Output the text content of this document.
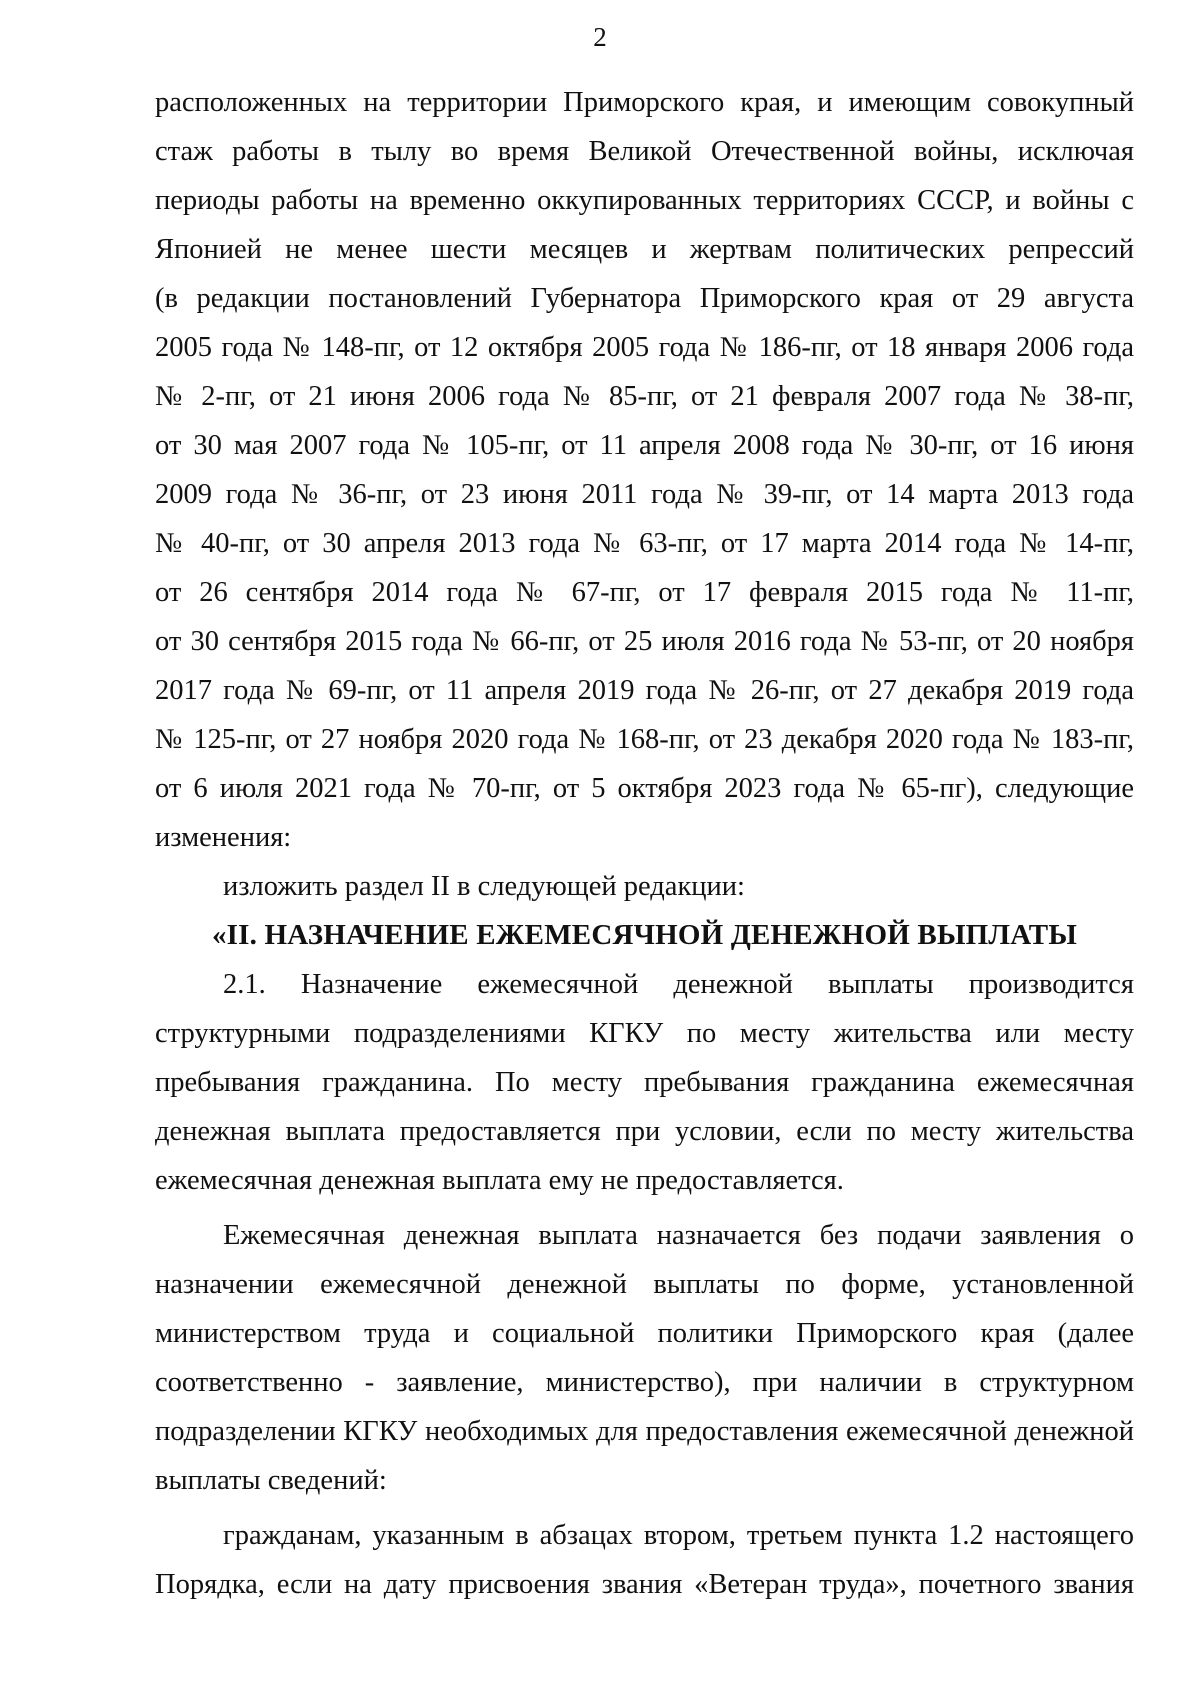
2
расположенных на территории Приморского края, и имеющим совокупный
стаж работы в тылу во время Великой Отечественной войны, исключая
периоды работы на временно оккупированных территориях СССР, и войны с
Японией не менее шести месяцев и жертвам политических репрессий
(в редакции постановлений Губернатора Приморского края от 29 августа
2005 года № 148-пг, от 12 октября 2005 года № 186-пг, от 18 января 2006 года
№ 2-пг, от 21 июня 2006 года № 85-пг, от 21 февраля 2007 года № 38-пг,
от 30 мая 2007 года № 105-пг, от 11 апреля 2008 года № 30-пг, от 16 июня
2009 года № 36-пг, от 23 июня 2011 года № 39-пг, от 14 марта 2013 года
№ 40-пг, от 30 апреля 2013 года № 63-пг, от 17 марта 2014 года № 14-пг,
от 26 сентября 2014 года № 67-пг, от 17 февраля 2015 года № 11-пг,
от 30 сентября 2015 года № 66-пг, от 25 июля 2016 года № 53-пг, от 20 ноября
2017 года № 69-пг, от 11 апреля 2019 года № 26-пг, от 27 декабря 2019 года
№ 125-пг, от 27 ноября 2020 года № 168-пг, от 23 декабря 2020 года № 183-пг,
от 6 июля 2021 года № 70-пг, от 5 октября 2023 года № 65-пг), следующие
изменения:
изложить раздел II в следующей редакции:
«II. НАЗНАЧЕНИЕ ЕЖЕМЕСЯЧНОЙ ДЕНЕЖНОЙ ВЫПЛАТЫ
2.1. Назначение ежемесячной денежной выплаты производится
структурными подразделениями КГКУ по месту жительства или месту
пребывания гражданина. По месту пребывания гражданина ежемесячная
денежная выплата предоставляется при условии, если по месту жительства
ежемесячная денежная выплата ему не предоставляется.
Ежемесячная денежная выплата назначается без подачи заявления о
назначении ежемесячной денежной выплаты по форме, установленной
министерством труда и социальной политики Приморского края (далее
соответственно - заявление, министерство), при наличии в структурном
подразделении КГКУ необходимых для предоставления ежемесячной денежной
выплаты сведений:
гражданам, указанным в абзацах втором, третьем пункта 1.2 настоящего
Порядка, если на дату присвоения звания «Ветеран труда», почетного звания
